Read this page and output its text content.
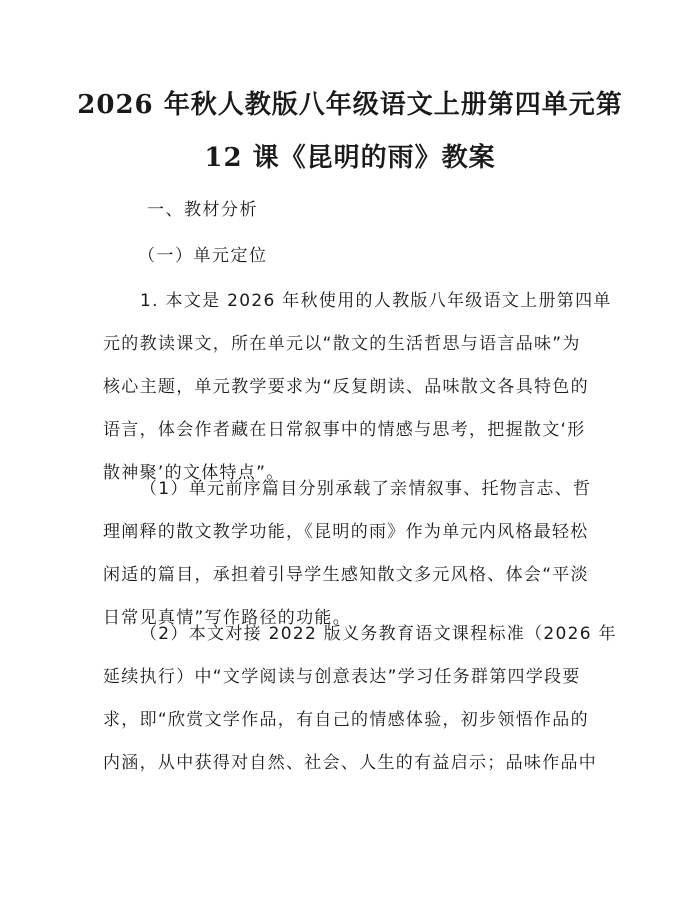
2026 年秋人教版八年级语文上册第四单元第
12 课《昆明的雨》教案

一、教材分析

（一）单元定位

1. 本文是 2026 年秋使用的人教版八年级语文上册第四单
元的教读课文，所在单元以“散文的生活哲思与语言品味”为
核心主题，单元教学要求为“反复朗读、品味散文各具特色的
语言，体会作者藏在日常叙事中的情感与思考，把握散文‘形
散神聚’的文体特点”。
（1）单元前序篇目分别承载了亲情叙事、托物言志、哲
理阐释的散文教学功能，《昆明的雨》作为单元内风格最轻松
闲适的篇目，承担着引导学生感知散文多元风格、体会“平淡
日常见真情”写作路径的功能。
（2）本文对接 2022 版义务教育语文课程标准（2026 年
延续执行）中“文学阅读与创意表达”学习任务群第四学段要
求，即“欣赏文学作品，有自己的情感体验，初步领悟作品的
内涵，从中获得对自然、社会、人生的有益启示；品味作品中
